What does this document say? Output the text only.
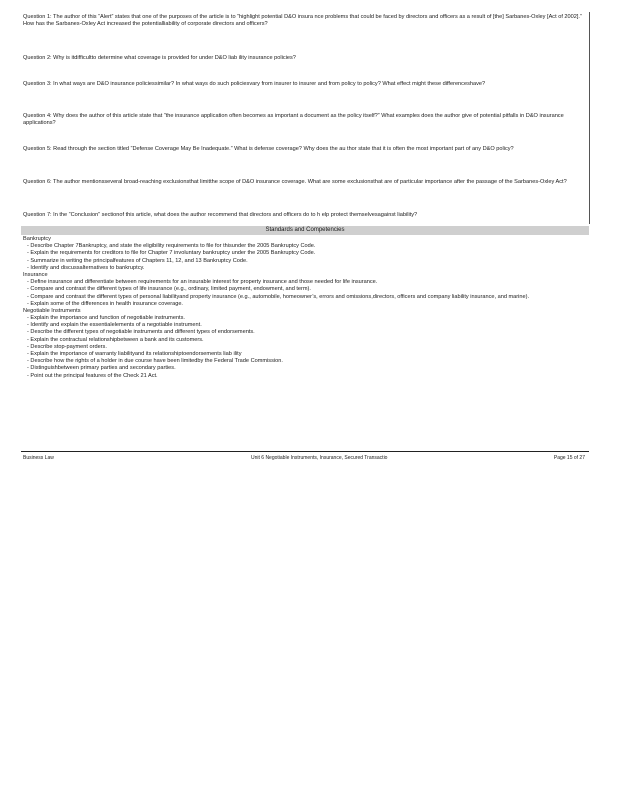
Question 1: The author of this “Alert” states that one of the purposes of the article is to “highlight potential D&O insura nce problems that could be faced by directors and officers as a result of [the] Sarbanes-Oxley [Act of 2002].” How has the Sarbanes-Oxley Act increased the potentialliability of corporate directors and officers?

Question 2: Why is itdifficultto determine what coverage is provided for under D&O liab ility insurance policies?

Question 3: In what ways are D&O insurance policiessimilar? In what ways do such policiesvary from insurer to insurer and from policy to policy? What effect might these differenceshave?

Question 4: Why does the author of this article state that “the insurance application often becomes as important a document as the policy itself?” What examples does the author give of potential pitfalls in D&O insurance applications?

Question 5: Read through the section titled “Defense Coverage May Be Inadequate.” What is defense coverage? Why does the au thor state that it is often the most important part of any D&O policy?

Question 6: The author mentionsseveral broad-reaching exclusionsthat limitthe scope of D&O insurance coverage. What are some exclusionsthat are of particular importance after the passage of the Sarbanes-Oxley Act?

Question 7: In the “Conclusion” sectionof this article, what does the author recommend that directors and officers do to h elp protect themselvesagainst liability?

Standards and Competencies

Bankruptcy

- Describe Chapter 7Bankruptcy, and state the eligibility requirements to file for thisunder the 2005 Bankruptcy Code.

- Explain the requirements for creditors to file for Chapter 7 involuntary bankruptcy under the 2005 Bankruptcy Code.

- Summarize in writing the principalfeatures of Chapters 11, 12, and 13 Bankruptcy Code.

- Identify and discussalternatives to bankruptcy.

Insurance

- Define insurance and differentiate between requirements for an insurable interest for property insurance and those needed for life insurance.

- Compare and contrast the different types of life insurance (e.g., ordinary, limited payment, endowment, and term).

- Compare and contrast the different types of personal liabilityand property insurance (e.g., automobile, homeowner’s, errors and omissions,directors, officers and company liability insurance, and marine).

- Explain some of the differences in health insurance coverage.

Negotiable Instruments

- Explain the importance and function of negotiable instruments.

- Identify and explain the essentialelements of a negotiable instrument.

- Describe the different types of negotiable instruments and different types of endorsements.

- Explain the contractual relationshipbetween a bank and its customers.

- Describe stop-payment orders.

- Explain the importance of warranty liabilityand its relationshiptoendorsements liab ility

- Describe how the rights of a holder in due course have been limitedby the Federal Trade Commission.

- Distinguishbetween primary parties and secondary parties.

- Point out the principal features of the Check 21 Act.

Business Law	Unit 6 Negotiable Instruments, Insurance, Secured Transactio	Page 15 of 27
